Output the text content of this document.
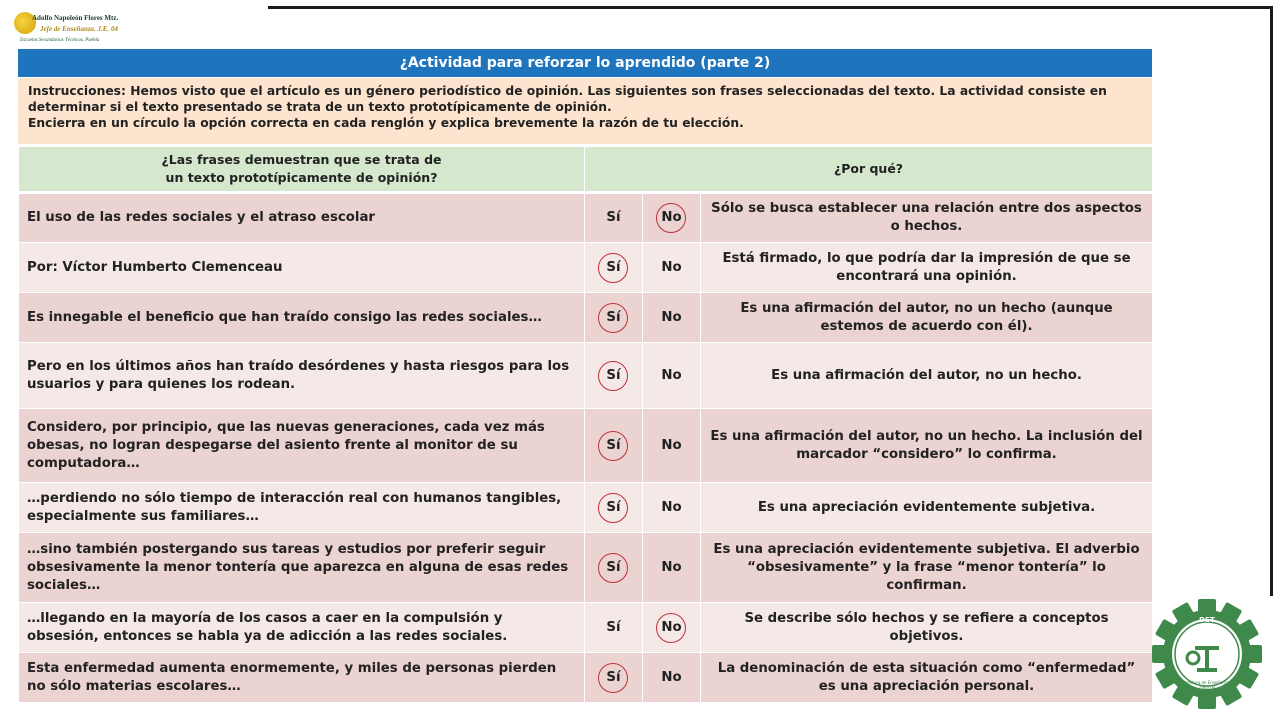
Adolfo Napoleón Flores Mtz.
Jefe de Enseñanza. J.E. 04
Escuelas Secundarias Técnicas. Puebla
¿Actividad para reforzar lo aprendido (parte 2)
Instrucciones: Hemos visto que el artículo es un género periodístico de opinión. Las siguientes son frases seleccionadas del texto. La actividad consiste en
determinar si el texto presentado se trata de un texto prototípicamente de opinión.
Encierra en un círculo la opción correcta en cada renglón y explica brevemente la razón de tu elección.
¿Las frases demuestran que se trata de un texto prototípicamente de opinión?	¿Por qué?		
El uso de las redes sociales y el atraso escolar	Sí	No	Sólo se busca establecer una relación entre dos aspectos o hechos.
Por: Víctor Humberto Clemenceau	Sí	No	Está firmado, lo que podría dar la impresión de que se encontrará una opinión.
Es innegable el beneficio que han traído consigo las redes sociales…	Sí	No	Es una afirmación del autor, no un hecho (aunque estemos de acuerdo con él).
Pero en los últimos años han traído desórdenes y hasta riesgos para los usuarios y para quienes los rodean.	Sí	No	Es una afirmación del autor, no un hecho.
Considero, por principio, que las nuevas generaciones, cada vez más obesas, no logran despegarse del asiento frente al monitor de su computadora…	Sí	No	Es una afirmación del autor, no un hecho. La inclusión del marcador “considero” lo confirma.
…perdiendo no sólo tiempo de interacción real con humanos tangibles, especialmente sus familiares…	Sí	No	Es una apreciación evidentemente subjetiva.
…sino también postergando sus tareas y estudios por preferir seguir obsesivamente la menor tontería que aparezca en alguna de esas redes sociales…	Sí	No	Es una apreciación evidentemente subjetiva. El adverbio “obsesivamente” y la frase “menor tontería” lo confirman.
…llegando en la mayoría de los casos a caer en la compulsión y obsesión, entonces se habla ya de adicción a las redes sociales.	Sí	No	Se describe sólo hechos y se refiere a conceptos objetivos.
Esta enfermedad aumenta enormemente, y miles de personas pierden no sólo materias escolares…	Sí	No	La denominación de esta situación como “enfermedad” es una apreciación personal.
DST
Jefatura de Enseñanza
Zona 04
